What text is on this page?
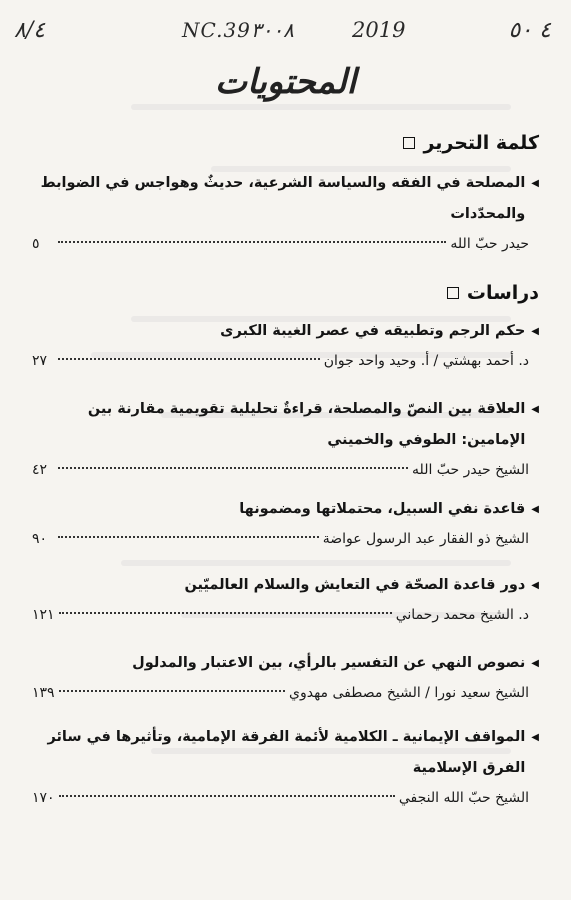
٨/٤	NC.39٣٠٠٨	2019	٤ ٥٠
المحتويات
كلمة التحرير
◀
المصلحة في الفقه والسياسة الشرعية، حديثٌ وهواجس في الضوابط والمحدّدات
حيدر حبّ الله
٥
دراسات
◀
حكم الرجم وتطبيقه في عصر الغيبة الكبرى
د. أحمد بهشتي / أ. وحيد واحد جوان
٢٧
◀
العلاقة بين النصّ والمصلحة، قراءةٌ تحليلية تقويمية مقارنة بين الإمامين: الطوفي والخميني
الشيخ حيدر حبّ الله
٤٢
◀
قاعدة نفي السبيل، محتملاتها ومضمونها
الشيخ ذو الفقار عبد الرسول عواضة
٩٠
◀
دور قاعدة الصحّة في التعايش والسلام العالميّين
د. الشيخ محمد رحماني
١٢١
◀
نصوص النهي عن التفسير بالرأي، بين الاعتبار والمدلول
الشيخ سعيد نورا / الشيخ مصطفى مهدوي
١٣٩
◀
المواقف الإيمانية ـ الكلامية لأئمة الفرقة الإمامية، وتأثيرها في سائر الفرق الإسلامية
الشيخ حبّ الله النجفي
١٧٠
